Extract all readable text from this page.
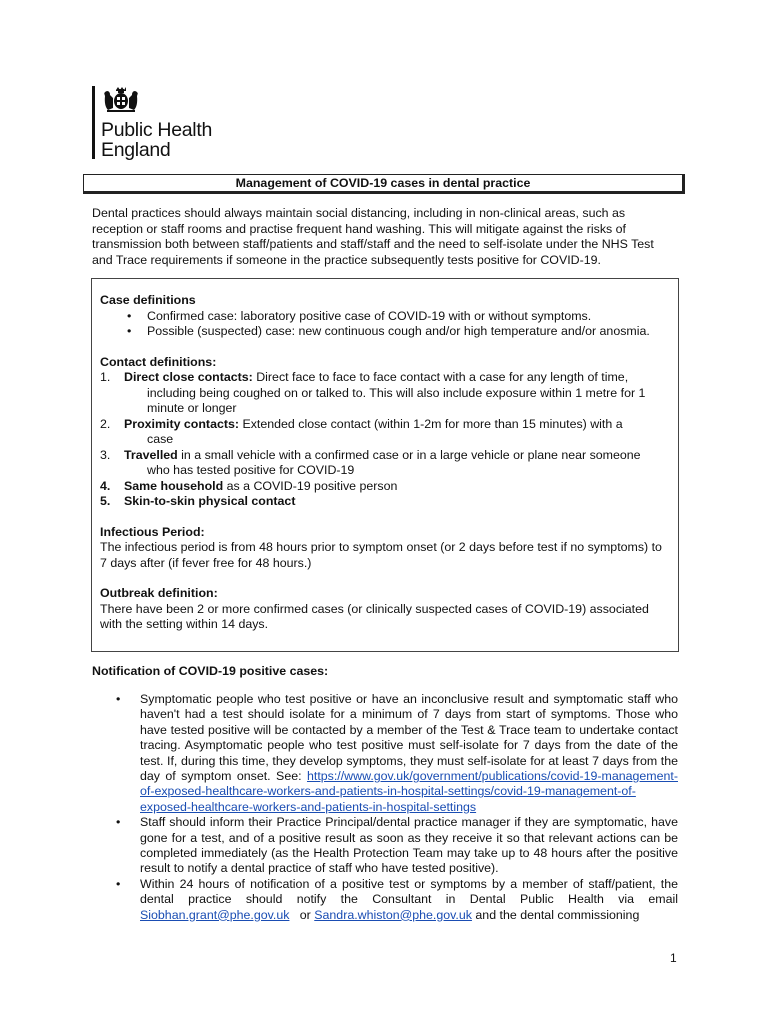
Public Health
England
Management of COVID-19 cases in dental practice
Dental practices should always maintain social distancing, including in non-clinical areas, such as reception or staff rooms and practise frequent hand washing. This will mitigate against the risks of transmission both between staff/patients and staff/staff and the need to self-isolate under the NHS Test and Trace requirements if someone in the practice subsequently tests positive for COVID-19.
Case definitions
• Confirmed case: laboratory positive case of COVID-19 with or without symptoms.
• Possible (suspected) case: new continuous cough and/or high temperature and/or anosmia.
Contact definitions:
1. Direct close contacts: Direct face to face to face contact with a case for any length of time,
including being coughed on or talked to. This will also include exposure within 1 metre for 1 minute or longer
2. Proximity contacts: Extended close contact (within 1-2m for more than 15 minutes) with a
case
3. Travelled in a small vehicle with a confirmed case or in a large vehicle or plane near someone
who has tested positive for COVID-19
4. Same household as a COVID-19 positive person
5. Skin-to-skin physical contact
Infectious Period:
The infectious period is from 48 hours prior to symptom onset (or 2 days before test if no symptoms) to 7 days after (if fever free for 48 hours.)
Outbreak definition:
There have been 2 or more confirmed cases (or clinically suspected cases of COVID-19) associated with the setting within 14 days.
Notification of COVID-19 positive cases:
• Symptomatic people who test positive or have an inconclusive result and symptomatic staff who haven't had a test should isolate for a minimum of 7 days from start of symptoms. Those who have tested positive will be contacted by a member of the Test & Trace team to undertake contact tracing. Asymptomatic people who test positive must self-isolate for 7 days from the date of the test. If, during this time, they develop symptoms, they must self-isolate for at least 7 days from the day of symptom onset. See: https://www.gov.uk/government/publications/covid-19-management-of-exposed-healthcare-workers-and-patients-in-hospital-settings/covid-19-management-of-exposed-healthcare-workers-and-patients-in-hospital-settings
• Staff should inform their Practice Principal/dental practice manager if they are symptomatic, have gone for a test, and of a positive result as soon as they receive it so that relevant actions can be completed immediately (as the Health Protection Team may take up to 48 hours after the positive result to notify a dental practice of staff who have tested positive).
• Within 24 hours of notification of a positive test or symptoms by a member of staff/patient, the dental practice should notify the Consultant in Dental Public Health via email Siobhan.grant@phe.gov.uk or Sandra.whiston@phe.gov.uk and the dental commissioning
1
